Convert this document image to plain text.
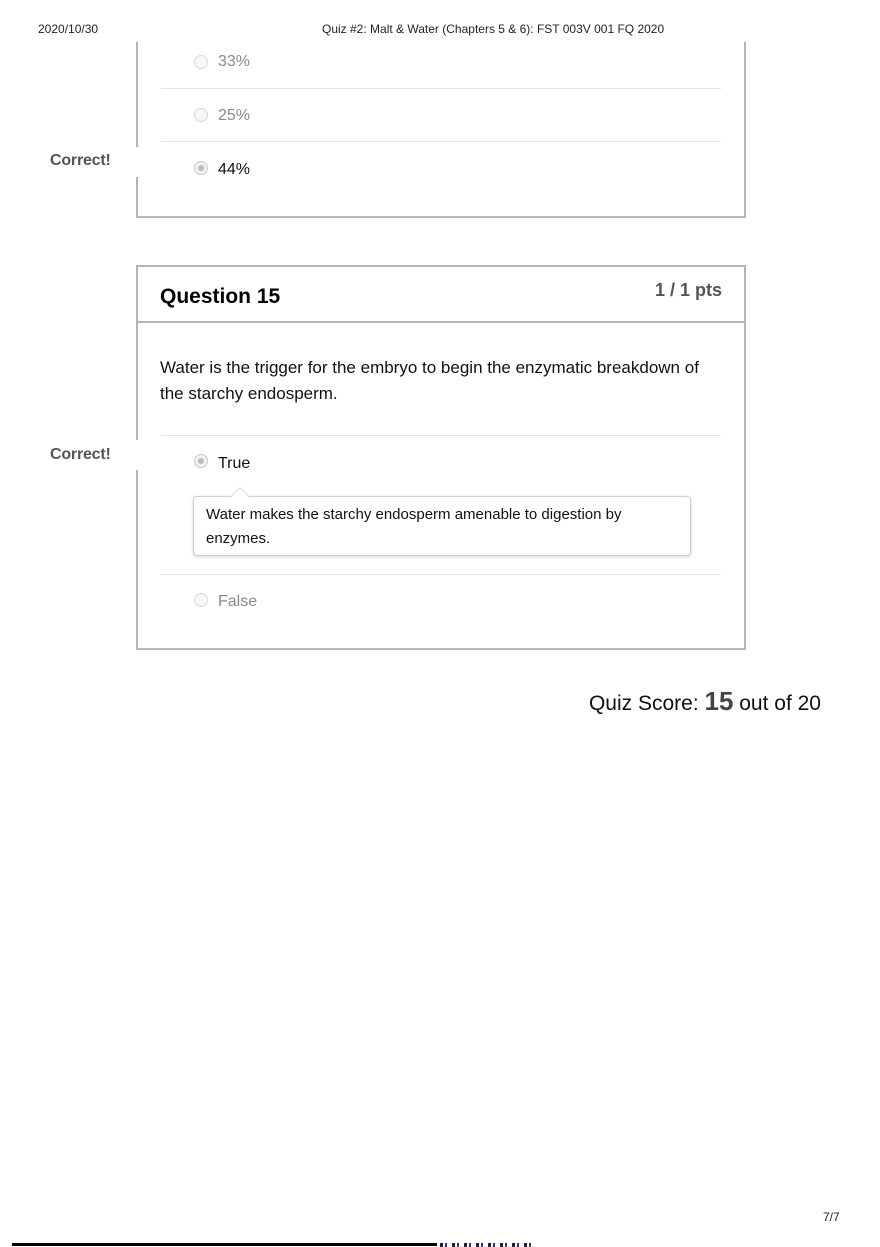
2020/10/30	Quiz #2: Malt & Water (Chapters 5 & 6): FST 003V 001 FQ 2020
Correct!
33%
25%
44%
Correct!
Question 15	1 / 1 pts
Water is the trigger for the embryo to begin the enzymatic breakdown of the starchy endosperm.
True
Water makes the starchy endosperm amenable to digestion by enzymes.
False
Quiz Score: 15 out of 20
7/7
